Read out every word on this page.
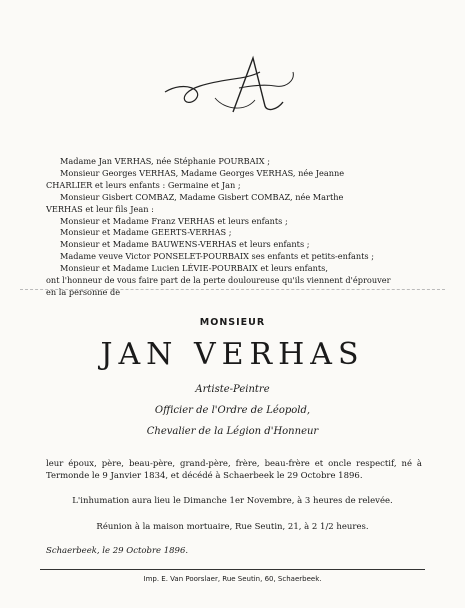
Madame Jan VERHAS, née Stéphanie POURBAIX ;
Monsieur Georges VERHAS, Madame Georges VERHAS, née Jeanne
CHARLIER et leurs enfants : Germaine et Jan ;
Monsieur Gisbert COMBAZ, Madame Gisbert COMBAZ, née Marthe
VERHAS et leur fils Jean :
Monsieur et Madame Franz VERHAS et leurs enfants ;
Monsieur et Madame GEERTS-VERHAS ;
Monsieur et Madame BAUWENS-VERHAS et leurs enfants ;
Madame veuve Victor PONSELET-POURBAIX ses enfants et petits-enfants ;
Monsieur et Madame Lucien LÉVIE-POURBAIX et leurs enfants,
ont l'honneur de vous faire part de la perte douloureuse qu'ils viennent d'éprouver
en la personne de
MONSIEUR
JAN VERHAS
Artiste-Peintre
Officier de l'Ordre de Léopold,
Chevalier de la Légion d'Honneur
leur époux, père, beau-père, grand-père, frère, beau-frère et oncle respectif, né à Termonde le 9 Janvier 1834, et décédé à Schaerbeek le 29 Octobre 1896.
L'inhumation aura lieu le Dimanche 1er Novembre, à 3 heures de relevée.
Réunion à la maison mortuaire, Rue Seutin, 21, à 2 1/2 heures.
Schaerbeek, le 29 Octobre 1896.
Imp. E. Van Poorslaer, Rue Seutin, 60, Schaerbeek.
